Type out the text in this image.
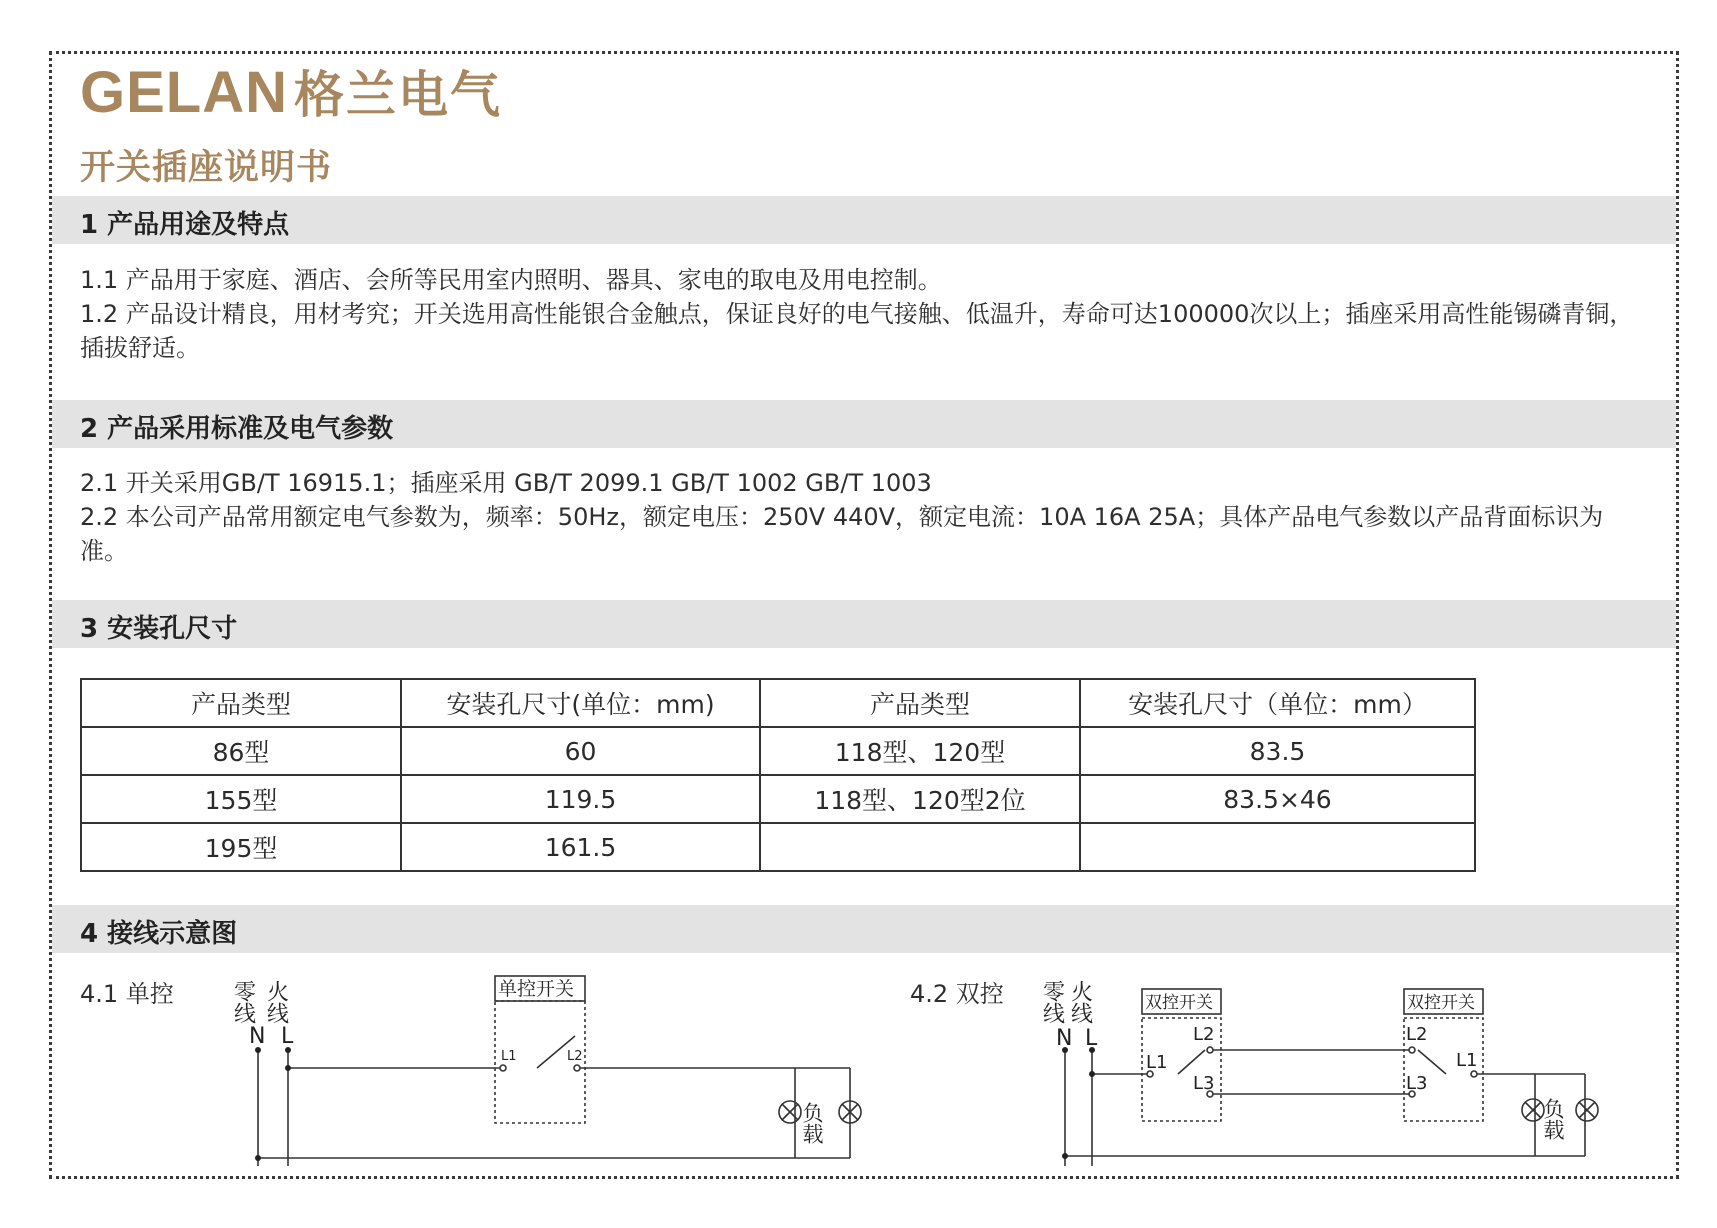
GELAN 格兰电气
开关插座说明书
1 产品用途及特点

1.1 产品用于家庭、酒店、会所等民用室内照明、器具、家电的取电及用电控制。

1.2 产品设计精良，用材考究；开关选用高性能银合金触点，保证良好的电气接触、低温升，寿命可达100000次以上；插座采用高性能锡磷青铜，插拔舒适。

2 产品采用标准及电气参数

2.1 开关采用GB/T 16915.1；插座采用 GB/T 2099.1 GB/T 1002 GB/T 1003

2.2 本公司产品常用额定电气参数为，频率：50Hz，额定电压：250V 440V，额定电流：10A 16A 25A；具体产品电气参数以产品背面标识为准。

3 安装孔尺寸
产品类型	安装孔尺寸(单位：mm)	产品类型	安装孔尺寸（单位：mm）
86型	60	118型、120型	83.5
155型	119.5	118型、120型2位	83.5×46
195型	161.5		
4 接线示意图
4.1 单控	4.2 双控
零线 火线
N L
单控开关
L1	L2
负载
零线 火线
N L
双控开关	双控开关
L1
L2
L3
L2
L3
L1
负载
